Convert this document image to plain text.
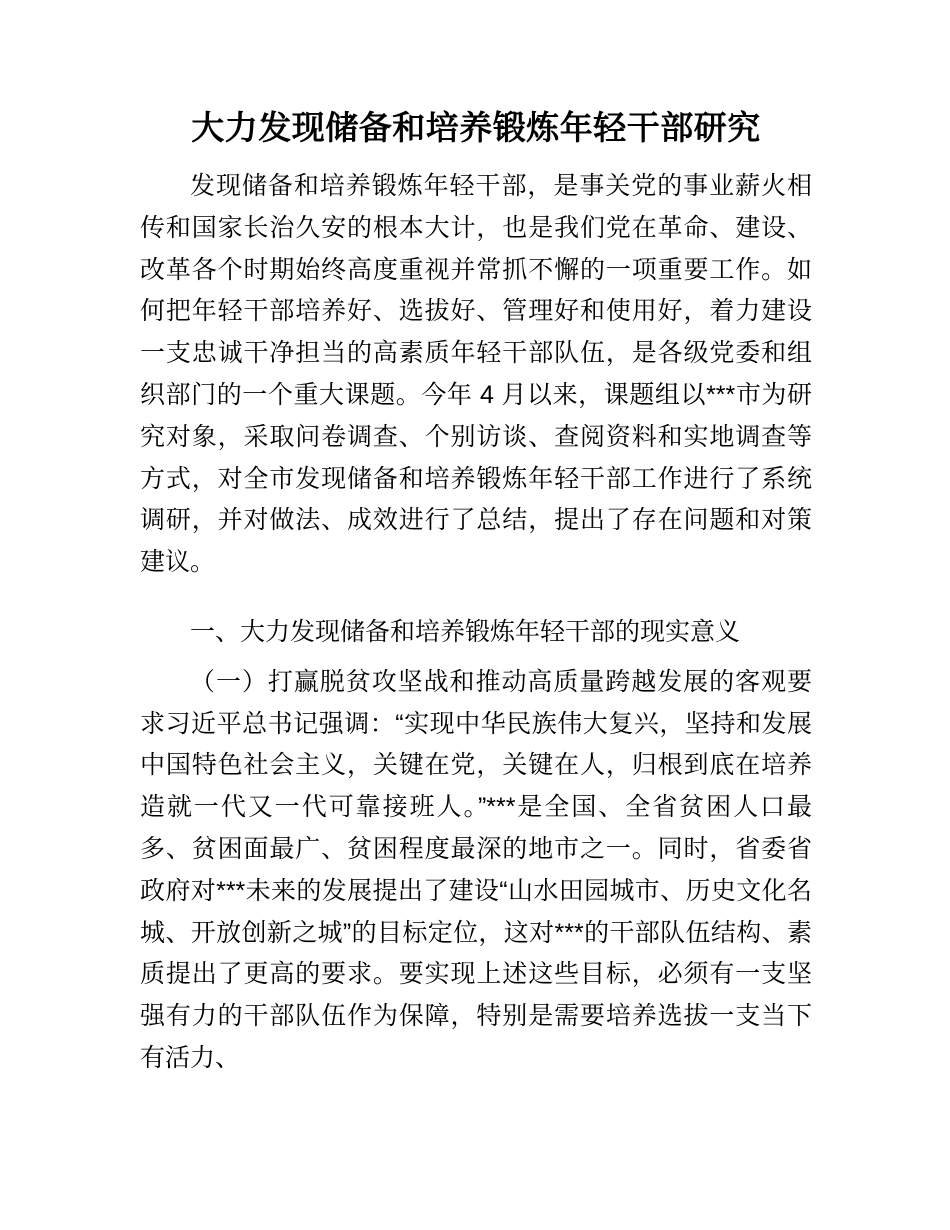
大力发现储备和培养锻炼年轻干部研究

发现储备和培养锻炼年轻干部，是事关党的事业薪火相传和国家长治久安的根本大计，也是我们党在革命、建设、改革各个时期始终高度重视并常抓不懈的一项重要工作。如何把年轻干部培养好、选拔好、管理好和使用好，着力建设一支忠诚干净担当的高素质年轻干部队伍，是各级党委和组织部门的一个重大课题。今年 4 月以来，课题组以***市为研究对象，采取问卷调查、个别访谈、查阅资料和实地调查等方式，对全市发现储备和培养锻炼年轻干部工作进行了系统调研，并对做法、成效进行了总结，提出了存在问题和对策建议。

一、大力发现储备和培养锻炼年轻干部的现实意义

（一）打赢脱贫攻坚战和推动高质量跨越发展的客观要求习近平总书记强调：“实现中华民族伟大复兴，坚持和发展中国特色社会主义，关键在党，关键在人，归根到底在培养造就一代又一代可靠接班人。”***是全国、全省贫困人口最多、贫困面最广、贫困程度最深的地市之一。同时，省委省政府对***未来的发展提出了建设“山水田园城市、历史文化名城、开放创新之城”的目标定位，这对***的干部队伍结构、素质提出了更高的要求。要实现上述这些目标，必须有一支坚强有力的干部队伍作为保障，特别是需要培养选拔一支当下有活力、
